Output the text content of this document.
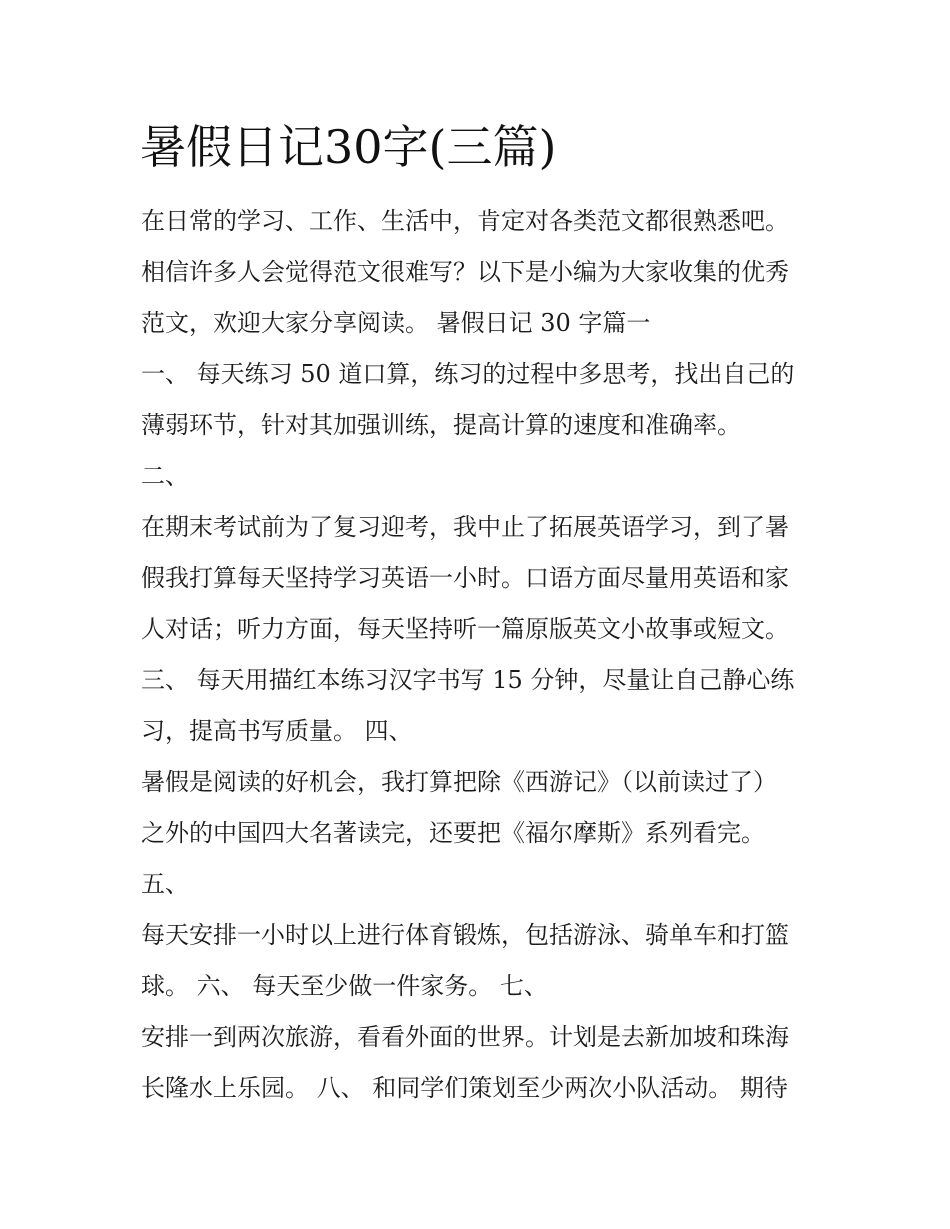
暑假日记30字(三篇)
在日常的学习、工作、生活中，肯定对各类范文都很熟悉吧。
相信许多人会觉得范文很难写？以下是小编为大家收集的优秀
范文，欢迎大家分享阅读。 暑假日记 30 字篇一
一、 每天练习 50 道口算，练习的过程中多思考，找出自己的
薄弱环节，针对其加强训练，提高计算的速度和准确率。
二、
在期末考试前为了复习迎考，我中止了拓展英语学习，到了暑
假我打算每天坚持学习英语一小时。口语方面尽量用英语和家
人对话；听力方面，每天坚持听一篇原版英文小故事或短文。
三、 每天用描红本练习汉字书写 15 分钟，尽量让自己静心练
习，提高书写质量。 四、
暑假是阅读的好机会，我打算把除《西游记》（以前读过了）
之外的中国四大名著读完，还要把《福尔摩斯》系列看完。
五、
每天安排一小时以上进行体育锻炼，包括游泳、骑单车和打篮
球。 六、 每天至少做一件家务。 七、
安排一到两次旅游，看看外面的世界。计划是去新加坡和珠海
长隆水上乐园。 八、 和同学们策划至少两次小队活动。 期待
